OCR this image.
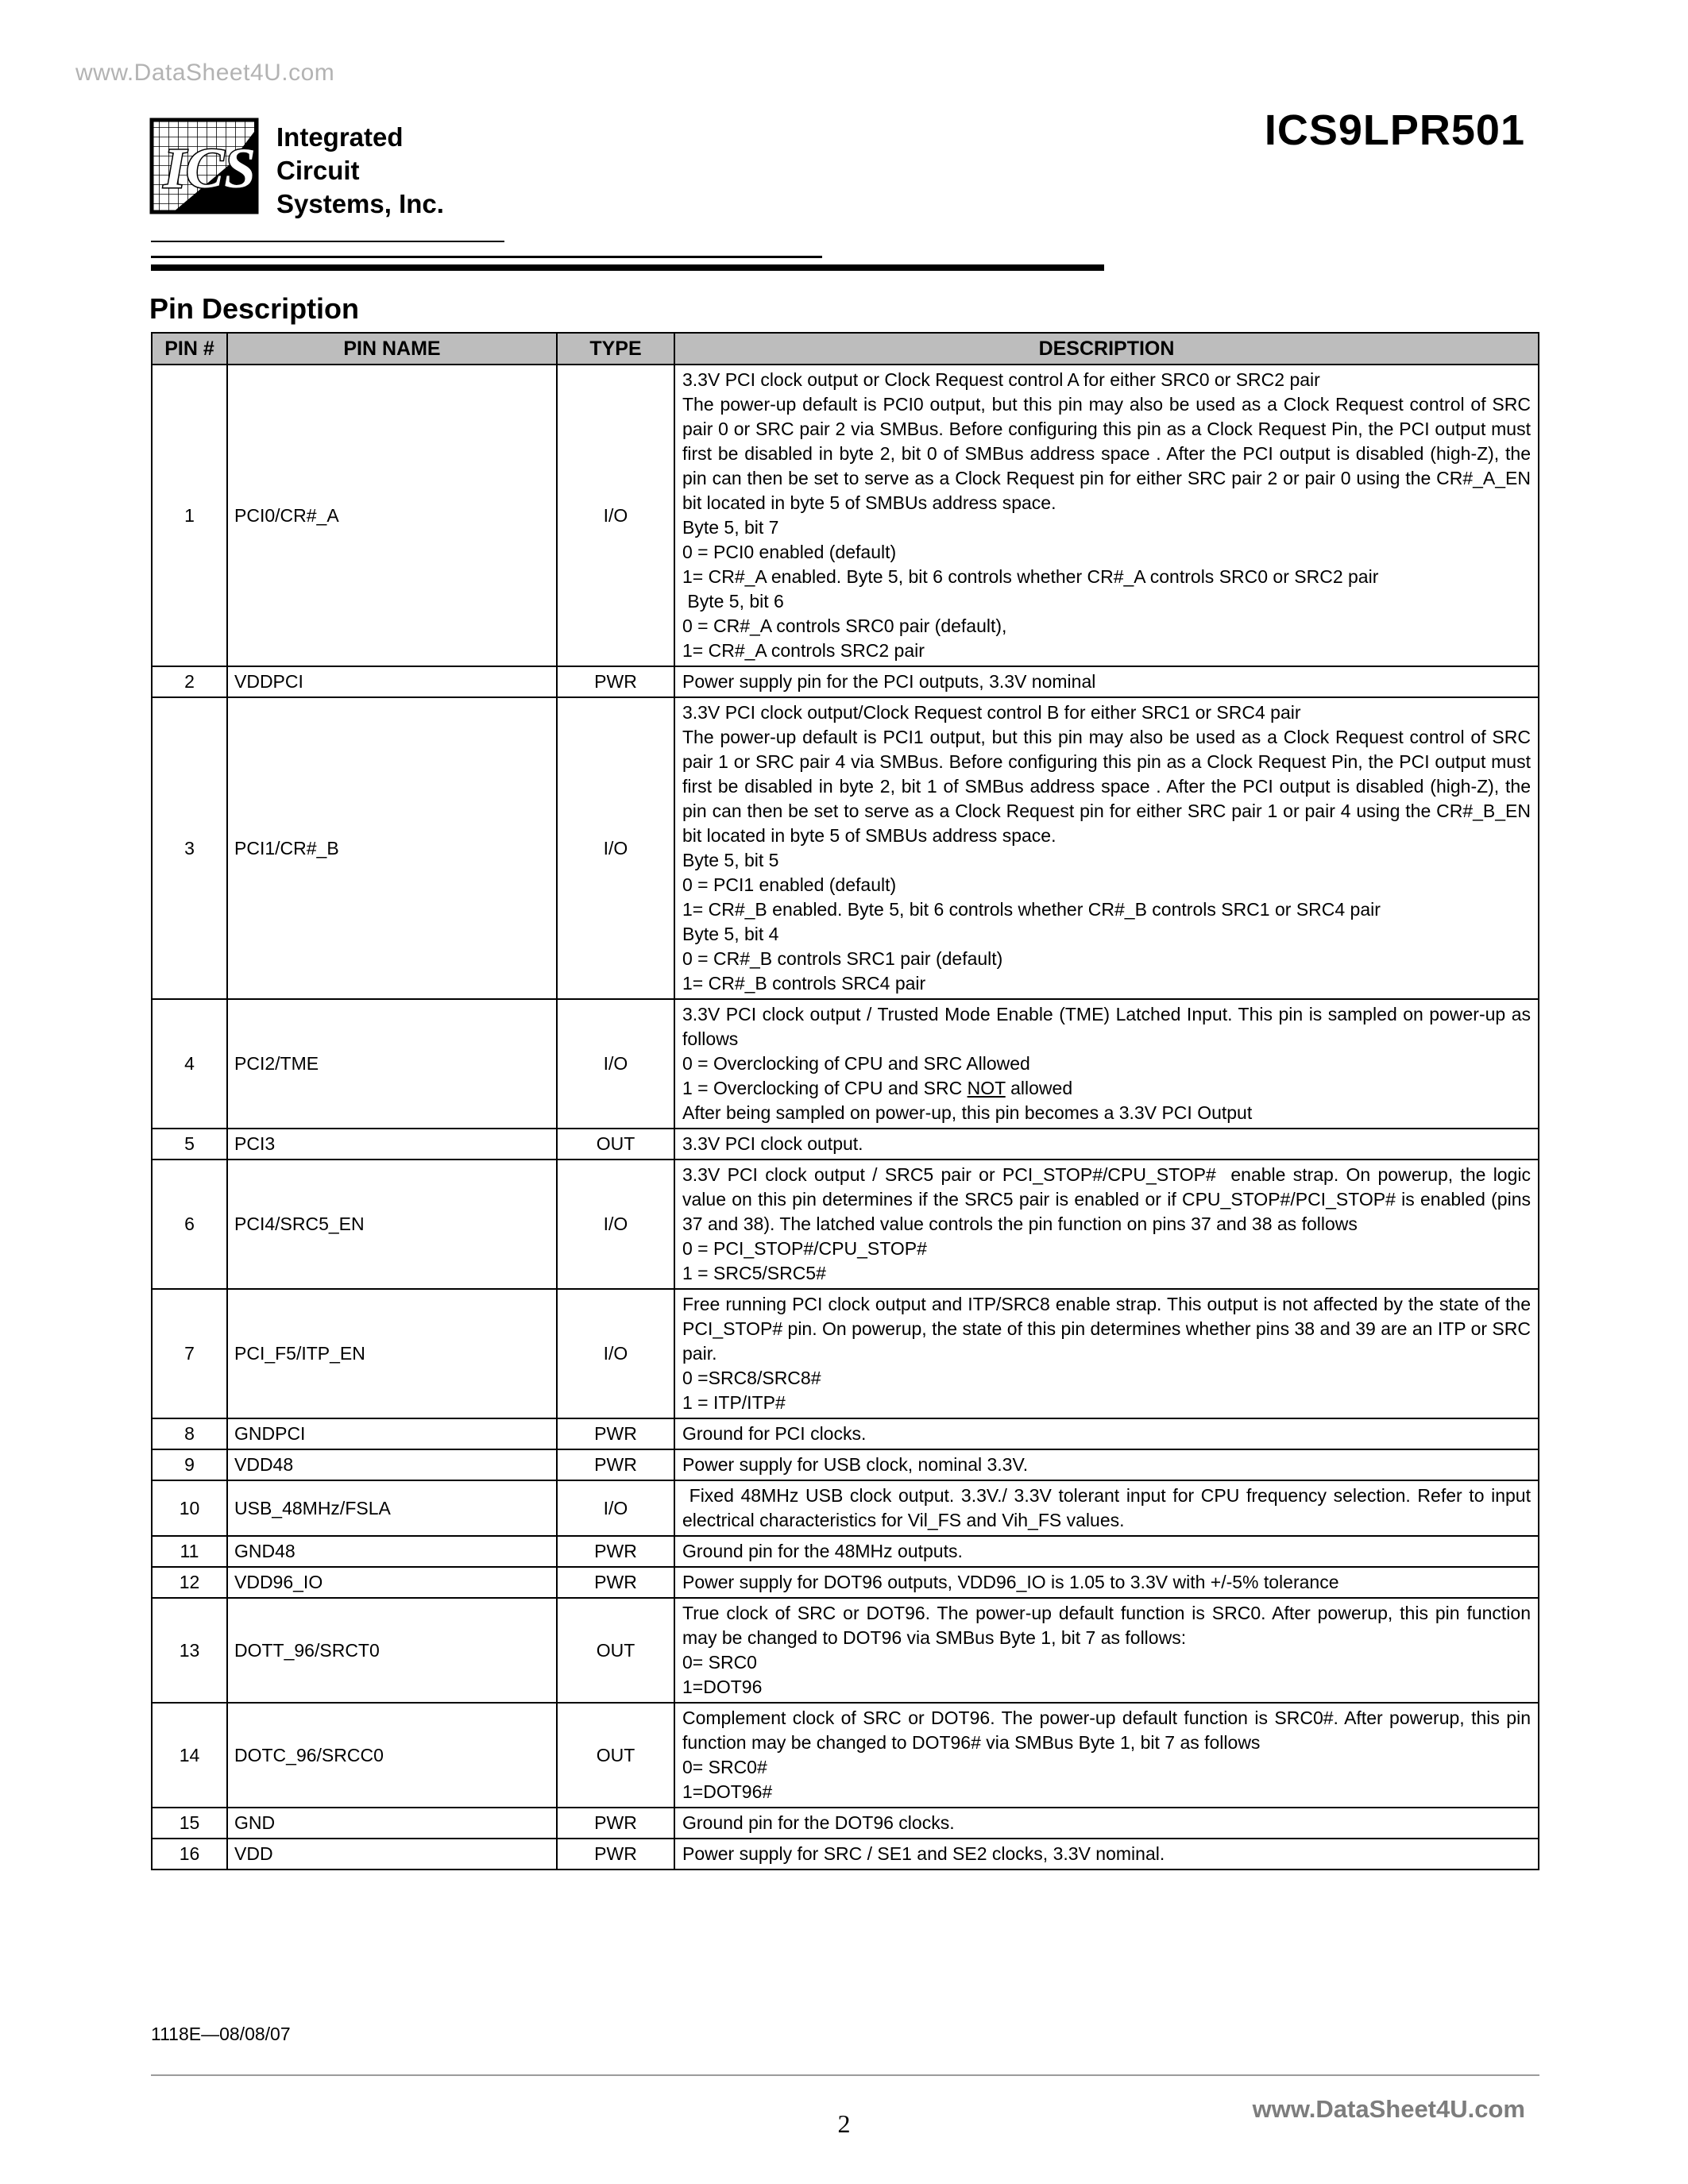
www.DataSheet4U.com
ICS Integrated
Circuit
Systems, Inc.
ICS9LPR501
Pin Description
PIN #	PIN NAME	TYPE	DESCRIPTION
1	PCI0/CR#_A	I/O	
3.3V PCI clock output or Clock Request control A for either SRC0 or SRC2 pair
The power-up default is PCI0 output, but this pin may also be used as a Clock Request control of SRC pair 0 or SRC pair 2 via SMBus. Before configuring this pin as a Clock Request Pin, the PCI output must first be disabled in byte 2, bit 0 of SMBus address space . After the PCI output is disabled (high-Z), the pin can then be set to serve as a Clock Request pin for either SRC pair 2 or pair 0 using the CR#_A_EN bit located in byte 5 of SMBUs address space.
Byte 5, bit 7
0 = PCI0 enabled (default)
1= CR#_A enabled. Byte 5, bit 6 controls whether CR#_A controls SRC0 or SRC2 pair
Byte 5, bit 6
0 = CR#_A controls SRC0 pair (default),
1= CR#_A controls SRC2 pair

2	VDDPCI	PWR	Power supply pin for the PCI outputs, 3.3V nominal

3	PCI1/CR#_B	I/O	
3.3V PCI clock output/Clock Request control B for either SRC1 or SRC4 pair
The power-up default is PCI1 output, but this pin may also be used as a Clock Request control of SRC pair 1 or SRC pair 4 via SMBus. Before configuring this pin as a Clock Request Pin, the PCI output must first be disabled in byte 2, bit 1 of SMBus address space . After the PCI output is disabled (high-Z), the pin can then be set to serve as a Clock Request pin for either SRC pair 1 or pair 4 using the CR#_B_EN bit located in byte 5 of SMBUs address space.
Byte 5, bit 5
0 = PCI1 enabled (default)
1= CR#_B enabled. Byte 5, bit 6 controls whether CR#_B controls SRC1 or SRC4 pair
Byte 5, bit 4
0 = CR#_B controls SRC1 pair (default)
1= CR#_B controls SRC4 pair

4	PCI2/TME	I/O	3.3V PCI clock output / Trusted Mode Enable (TME) Latched Input. This pin is sampled on power-up as follows
0 = Overclocking of CPU and SRC Allowed
1 = Overclocking of CPU and SRC NOT allowed
After being sampled on power-up, this pin becomes a 3.3V PCI Output

5	PCI3	OUT	3.3V PCI clock output.

6	PCI4/SRC5_EN	I/O	3.3V PCI clock output / SRC5 pair or PCI_STOP#/CPU_STOP#  enable strap. On powerup, the logic value on this pin determines if the SRC5 pair is enabled or if CPU_STOP#/PCI_STOP# is enabled (pins 37 and 38). The latched value controls the pin function on pins 37 and 38 as follows
0 = PCI_STOP#/CPU_STOP#
1 = SRC5/SRC5#

7	PCI_F5/ITP_EN	I/O	Free running PCI clock output and ITP/SRC8 enable strap. This output is not affected by the state of the PCI_STOP# pin. On powerup, the state of this pin determines whether pins 38 and 39 are an ITP or SRC pair.
0 =SRC8/SRC8#
1 = ITP/ITP#

8	GNDPCI	PWR	Ground for PCI clocks.

9	VDD48	PWR	Power supply for USB clock, nominal 3.3V.

10	USB_48MHz/FSLA	I/O	Fixed 48MHz USB clock output. 3.3V./ 3.3V tolerant input for CPU frequency selection. Refer to input electrical characteristics for Vil_FS and Vih_FS values.

11	GND48	PWR	Ground pin for the 48MHz outputs.

12	VDD96_IO	PWR	Power supply for DOT96 outputs, VDD96_IO is 1.05 to 3.3V with +/-5% tolerance

13	DOTT_96/SRCT0	OUT	True clock of SRC or DOT96. The power-up default function is SRC0. After powerup, this pin function may be changed to DOT96 via SMBus Byte 1, bit 7 as follows:
0= SRC0
1=DOT96

14	DOTC_96/SRCC0	OUT	Complement clock of SRC or DOT96. The power-up default function is SRC0#. After powerup, this pin function may be changed to DOT96# via SMBus Byte 1, bit 7 as follows
0= SRC0#
1=DOT96#

15	GND	PWR	Ground pin for the DOT96 clocks.

16	VDD	PWR	Power supply for SRC / SE1 and SE2 clocks, 3.3V nominal.
1118E—08/08/07
2
www.DataSheet4U.com
